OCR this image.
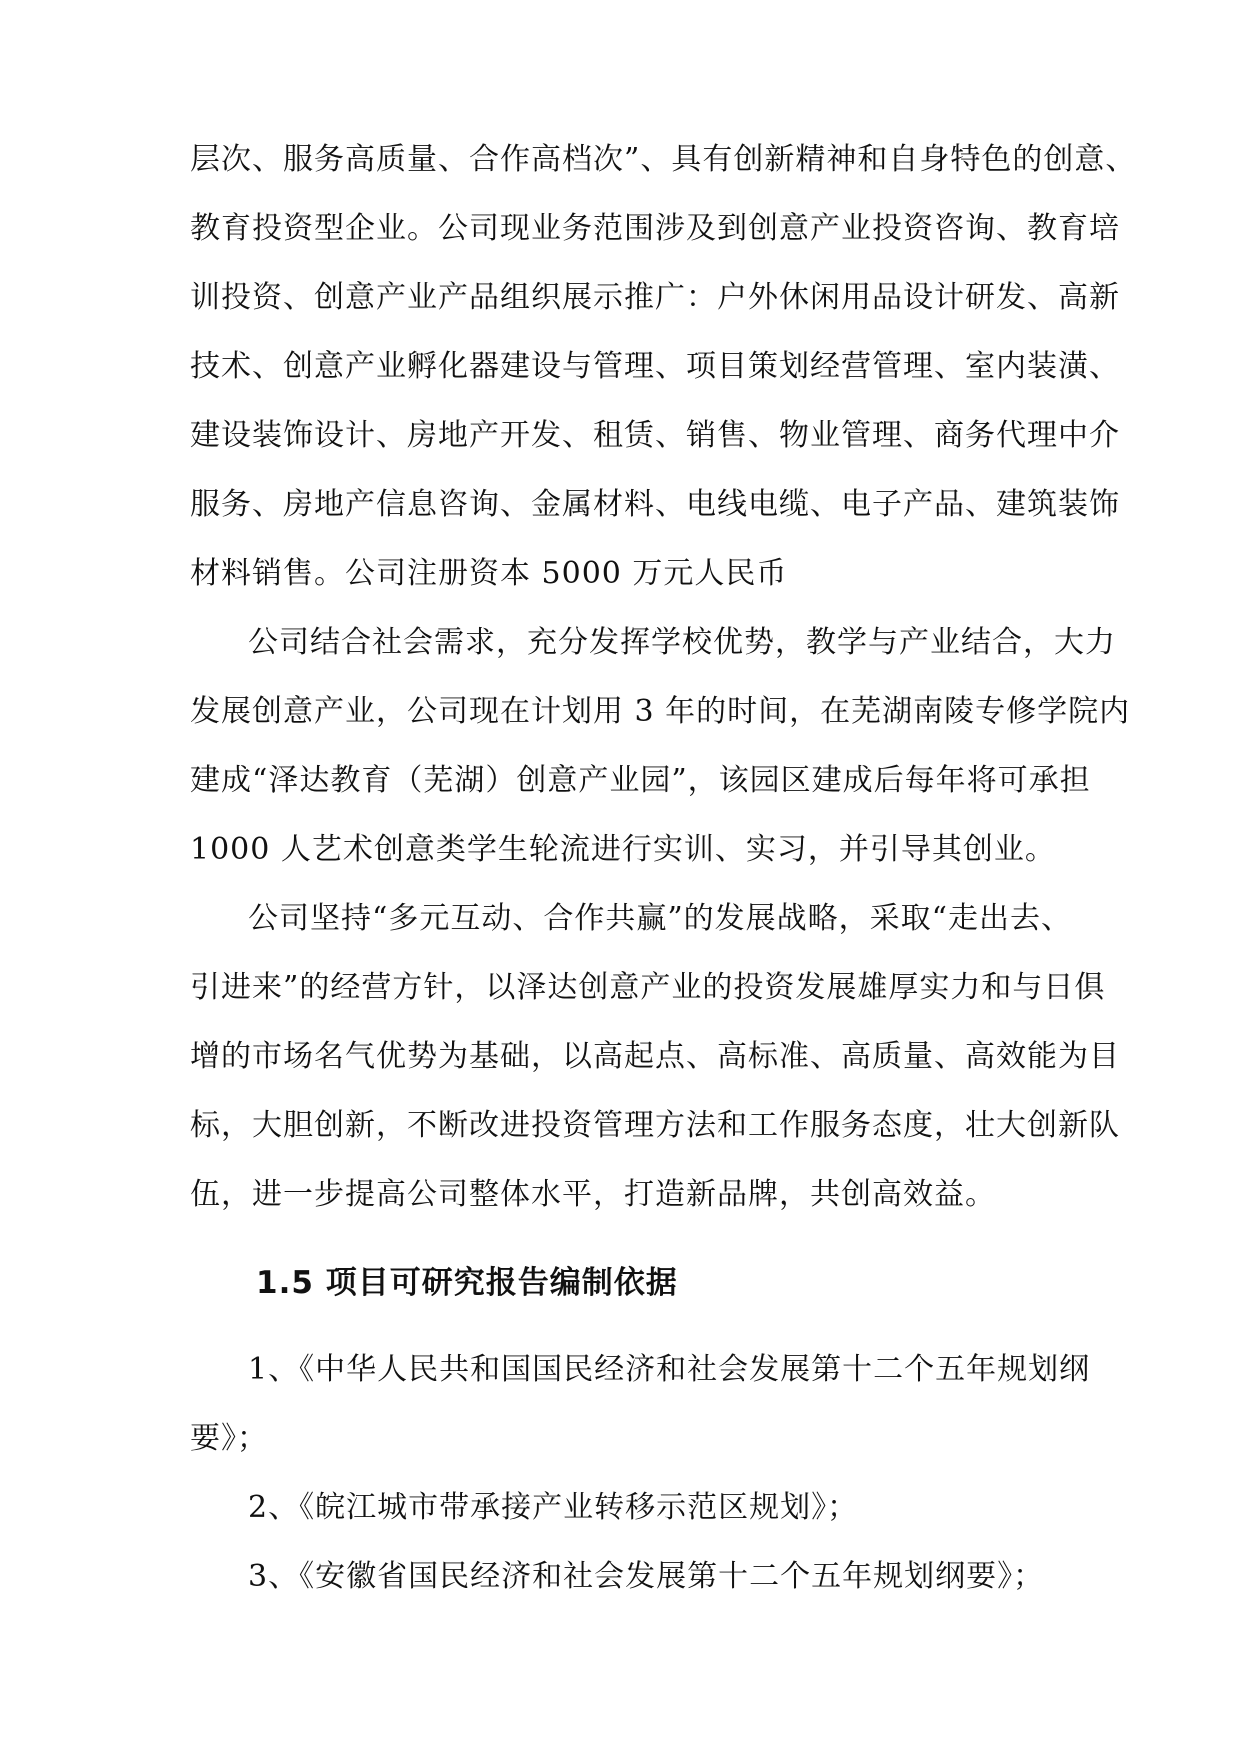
层次、服务高质量、合作高档次”、具有创新精神和自身特色的创意、
教育投资型企业。公司现业务范围涉及到创意产业投资咨询、教育培
训投资、创意产业产品组织展示推广：户外休闲用品设计研发、高新
技术、创意产业孵化器建设与管理、项目策划经营管理、室内装潢、
建设装饰设计、房地产开发、租赁、销售、物业管理、商务代理中介
服务、房地产信息咨询、金属材料、电线电缆、电子产品、建筑装饰
材料销售。公司注册资本 5000 万元人民币
公司结合社会需求，充分发挥学校优势，教学与产业结合，大力
发展创意产业，公司现在计划用 3 年的时间，在芜湖南陵专修学院内
建成“泽达教育（芜湖）创意产业园”，该园区建成后每年将可承担
1000 人艺术创意类学生轮流进行实训、实习，并引导其创业。
公司坚持“多元互动、合作共赢”的发展战略，采取“走出去、
引进来”的经营方针，以泽达创意产业的投资发展雄厚实力和与日俱
增的市场名气优势为基础，以高起点、高标准、高质量、高效能为目
标，大胆创新，不断改进投资管理方法和工作服务态度，壮大创新队
伍，进一步提高公司整体水平，打造新品牌，共创高效益。
1.5 项目可研究报告编制依据
1、《中华人民共和国国民经济和社会发展第十二个五年规划纲
要》；
2、《皖江城市带承接产业转移示范区规划》；
3、《安徽省国民经济和社会发展第十二个五年规划纲要》；
